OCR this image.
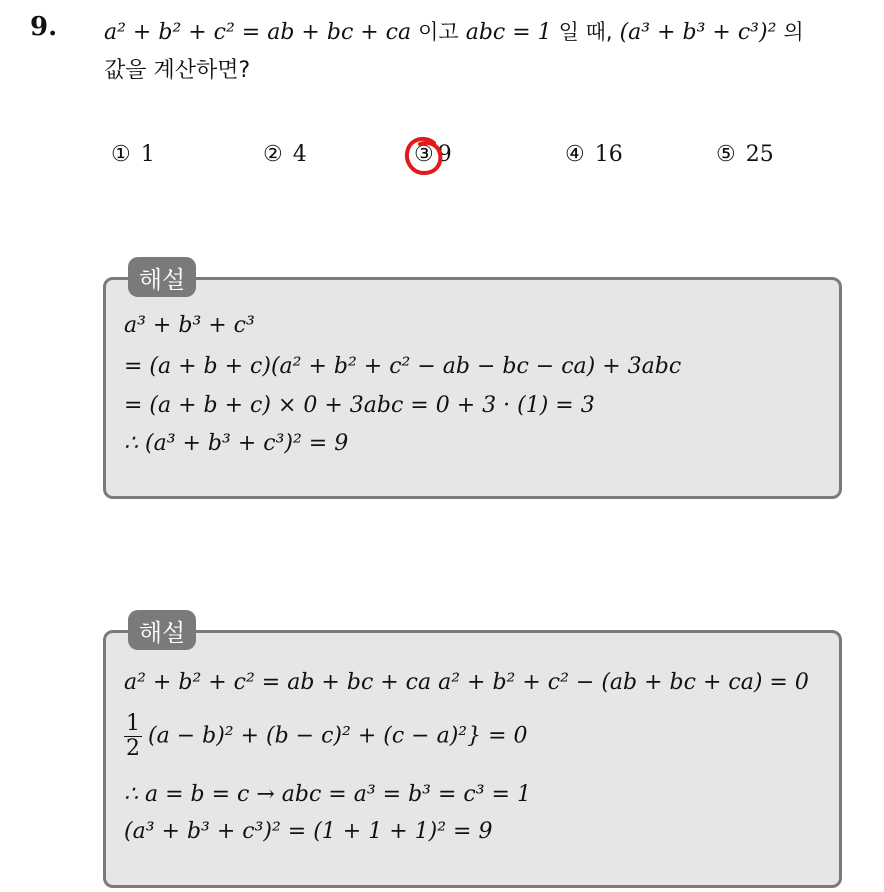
9. a² + b² + c² = ab + bc + ca 이고 abc = 1 일 때, (a³ + b³ + c³)² 의
값을 계산하면?
① 1	② 4	③ 9	④ 16	⑤ 25
해설
a³ + b³ + c³
= (a + b + c)(a² + b² + c² − ab − bc − ca) + 3abc
= (a + b + c) × 0 + 3abc = 0 + 3 · (1) = 3
∴ (a³ + b³ + c³)² = 9
해설
a² + b² + c² = ab + bc + ca a² + b² + c² − (ab + bc + ca) = 0
$\frac{1}{2} (a - b)^2 + (b - c)^2 + (c - a)^2\} = 0$
∴ a = b = c → abc = a³ = b³ = c³ = 1
(a³ + b³ + c³)² = (1 + 1 + 1)² = 9
